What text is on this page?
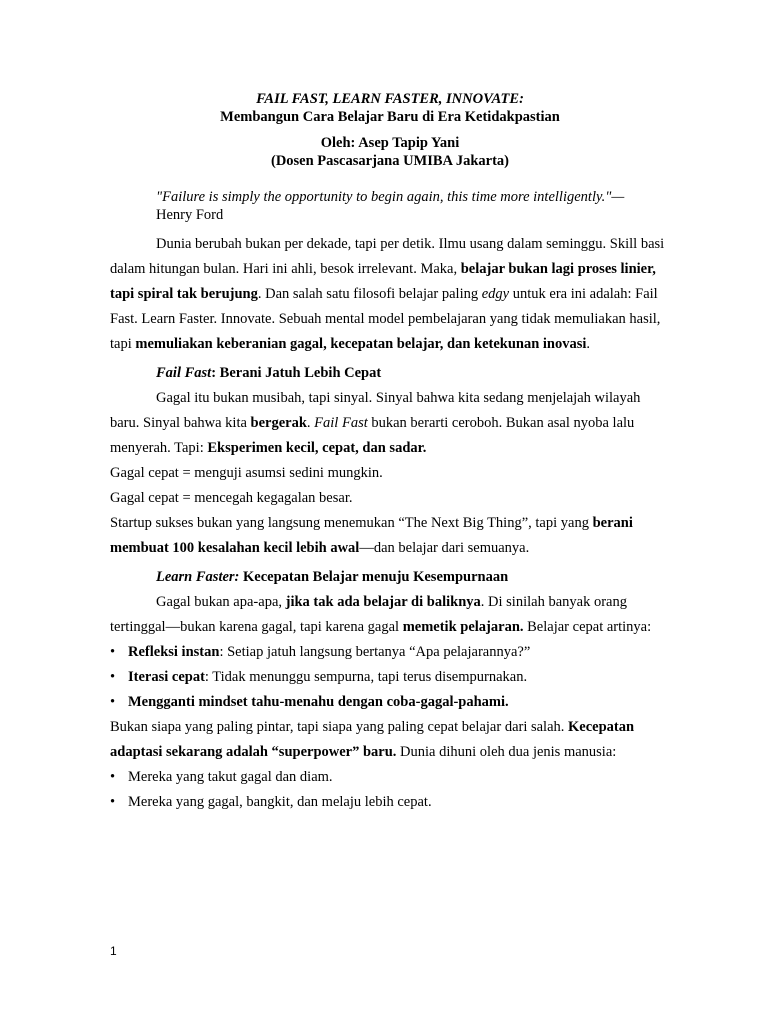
FAIL FAST, LEARN FASTER, INNOVATE:
Membangun Cara Belajar Baru di Era Ketidakpastian
Oleh: Asep Tapip Yani
(Dosen Pascasarjana UMIBA Jakarta)
"Failure is simply the opportunity to begin again, this time more intelligently."—
Henry Ford

Dunia berubah bukan per dekade, tapi per detik. Ilmu usang dalam seminggu. Skill basi dalam hitungan bulan. Hari ini ahli, besok irrelevant. Maka, belajar bukan lagi proses linier, tapi spiral tak berujung. Dan salah satu filosofi belajar paling edgy untuk era ini adalah: Fail Fast. Learn Faster. Innovate. Sebuah mental model pembelajaran yang tidak memuliakan hasil, tapi memuliakan keberanian gagal, kecepatan belajar, dan ketekunan inovasi.

Fail Fast: Berani Jatuh Lebih Cepat

Gagal itu bukan musibah, tapi sinyal. Sinyal bahwa kita sedang menjelajah wilayah baru. Sinyal bahwa kita bergerak. Fail Fast bukan berarti ceroboh. Bukan asal nyoba lalu menyerah. Tapi: Eksperimen kecil, cepat, dan sadar.

Gagal cepat = menguji asumsi sedini mungkin.

Gagal cepat = mencegah kegagalan besar.

Startup sukses bukan yang langsung menemukan “The Next Big Thing”, tapi yang berani membuat 100 kesalahan kecil lebih awal—dan belajar dari semuanya.

Learn Faster: Kecepatan Belajar menuju Kesempurnaan

Gagal bukan apa-apa, jika tak ada belajar di baliknya. Di sinilah banyak orang tertinggal—bukan karena gagal, tapi karena gagal memetik pelajaran. Belajar cepat artinya:

• Refleksi instan: Setiap jatuh langsung bertanya “Apa pelajarannya?”
• Iterasi cepat: Tidak menunggu sempurna, tapi terus disempurnakan.
• Mengganti mindset tahu-menahu dengan coba-gagal-pahami.

Bukan siapa yang paling pintar, tapi siapa yang paling cepat belajar dari salah. Kecepatan adaptasi sekarang adalah “superpower” baru. Dunia dihuni oleh dua jenis manusia:

• Mereka yang takut gagal dan diam.
• Mereka yang gagal, bangkit, dan melaju lebih cepat.
1
